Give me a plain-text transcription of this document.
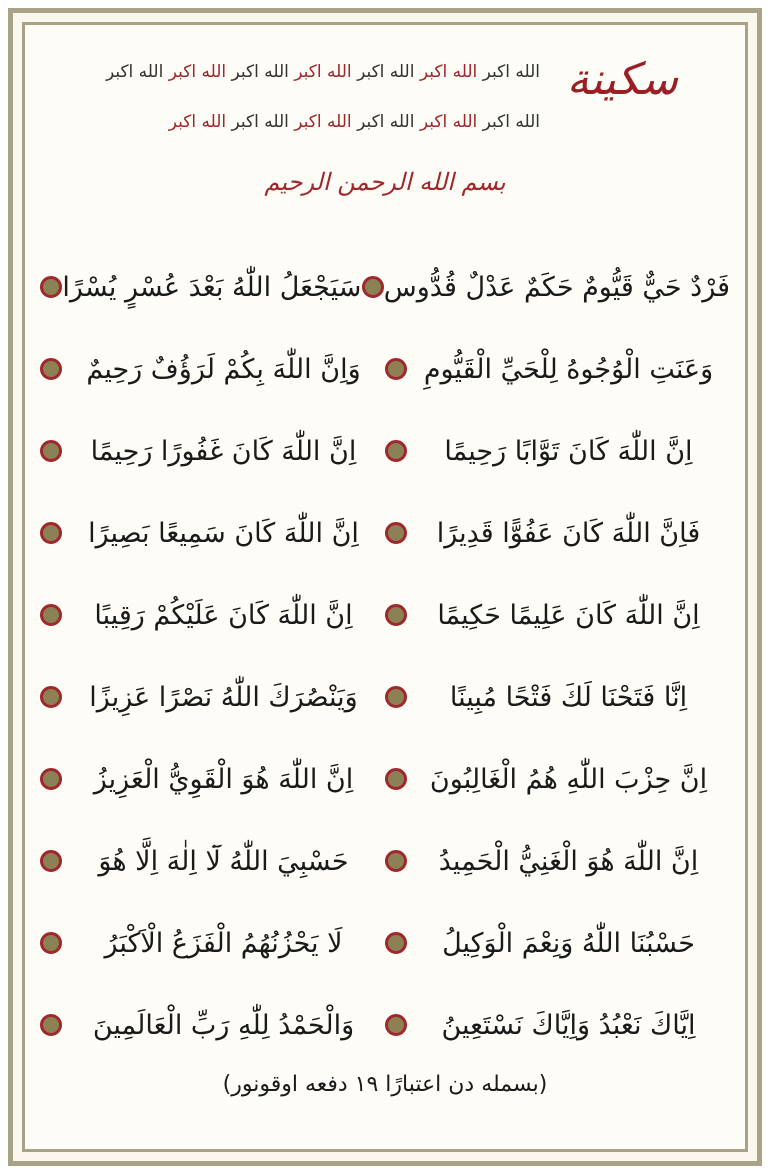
سكينة
الله اكبر الله اكبر الله اكبر الله اكبر الله اكبر الله اكبر الله اكبر
الله اكبر الله اكبر الله اكبر الله اكبر الله اكبر الله اكبر
بسم الله الرحمن الرحيم
فَرْدٌ حَيٌّ قَيُّومٌ حَكَمٌ عَدْلٌ قُدُّوس
سَيَجْعَلُ اللّٰهُ بَعْدَ عُسْرٍ يُسْرًا
وَعَنَتِ الْوُجُوهُ لِلْحَيِّ الْقَيُّومِ
وَاِنَّ اللّٰهَ بِكُمْ لَرَؤُفٌ رَحِيمٌ
اِنَّ اللّٰهَ كَانَ تَوَّابًا رَحِيمًا
اِنَّ اللّٰهَ كَانَ غَفُورًا رَحِيمًا
فَاِنَّ اللّٰهَ كَانَ عَفُوًّا قَدِيرًا
اِنَّ اللّٰهَ كَانَ سَمِيعًا بَصِيرًا
اِنَّ اللّٰهَ كَانَ عَلِيمًا حَكِيمًا
اِنَّ اللّٰهَ كَانَ عَلَيْكُمْ رَقِيبًا
اِنَّا فَتَحْنَا لَكَ فَتْحًا مُبِينًا
وَيَنْصُرَكَ اللّٰهُ نَصْرًا عَزِيزًا
اِنَّ حِزْبَ اللّٰهِ هُمُ الْغَالِبُونَ
اِنَّ اللّٰهَ هُوَ الْقَوِيُّ الْعَزِيزُ
اِنَّ اللّٰهَ هُوَ الْغَنِيُّ الْحَمِيدُ
حَسْبِيَ اللّٰهُ لَٓا اِلٰهَ اِلَّا هُوَ
حَسْبُنَا اللّٰهُ وَنِعْمَ الْوَكِيلُ
لَا يَحْزُنُهُمُ الْفَزَعُ الْاَكْبَرُ
اِيَّاكَ نَعْبُدُ وَاِيَّاكَ نَسْتَعِينُ
وَالْحَمْدُ لِلّٰهِ رَبِّ الْعَالَمِينَ
(بسمله دن اعتبارًا ١٩ دفعه اوقونور)
